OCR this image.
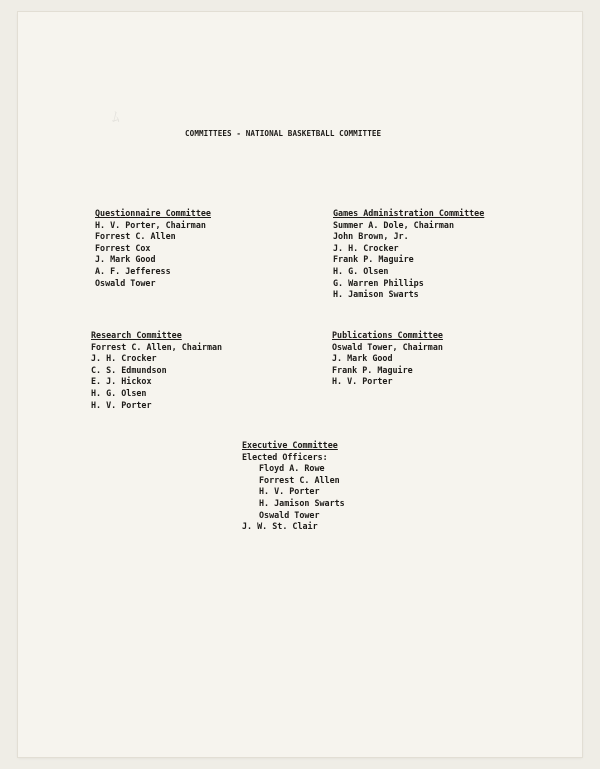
ﾑ
COMMITTEES - NATIONAL BASKETBALL COMMITTEE
Questionnaire Committee
H. V. Porter, Chairman
Forrest C. Allen
Forrest Cox
J. Mark Good
A. F. Jefferess
Oswald Tower
Games Administration Committee
Summer A. Dole, Chairman
John Brown, Jr.
J. H. Crocker
Frank P. Maguire
H. G. Olsen
G. Warren Phillips
H. Jamison Swarts
Research Committee
Forrest C. Allen, Chairman
J. H. Crocker
C. S. Edmundson
E. J. Hickox
H. G. Olsen
H. V. Porter
Publications Committee
Oswald Tower, Chairman
J. Mark Good
Frank P. Maguire
H. V. Porter
Executive Committee
Elected Officers:
Floyd A. Rowe
Forrest C. Allen
H. V. Porter
H. Jamison Swarts
Oswald Tower
J. W. St. Clair
